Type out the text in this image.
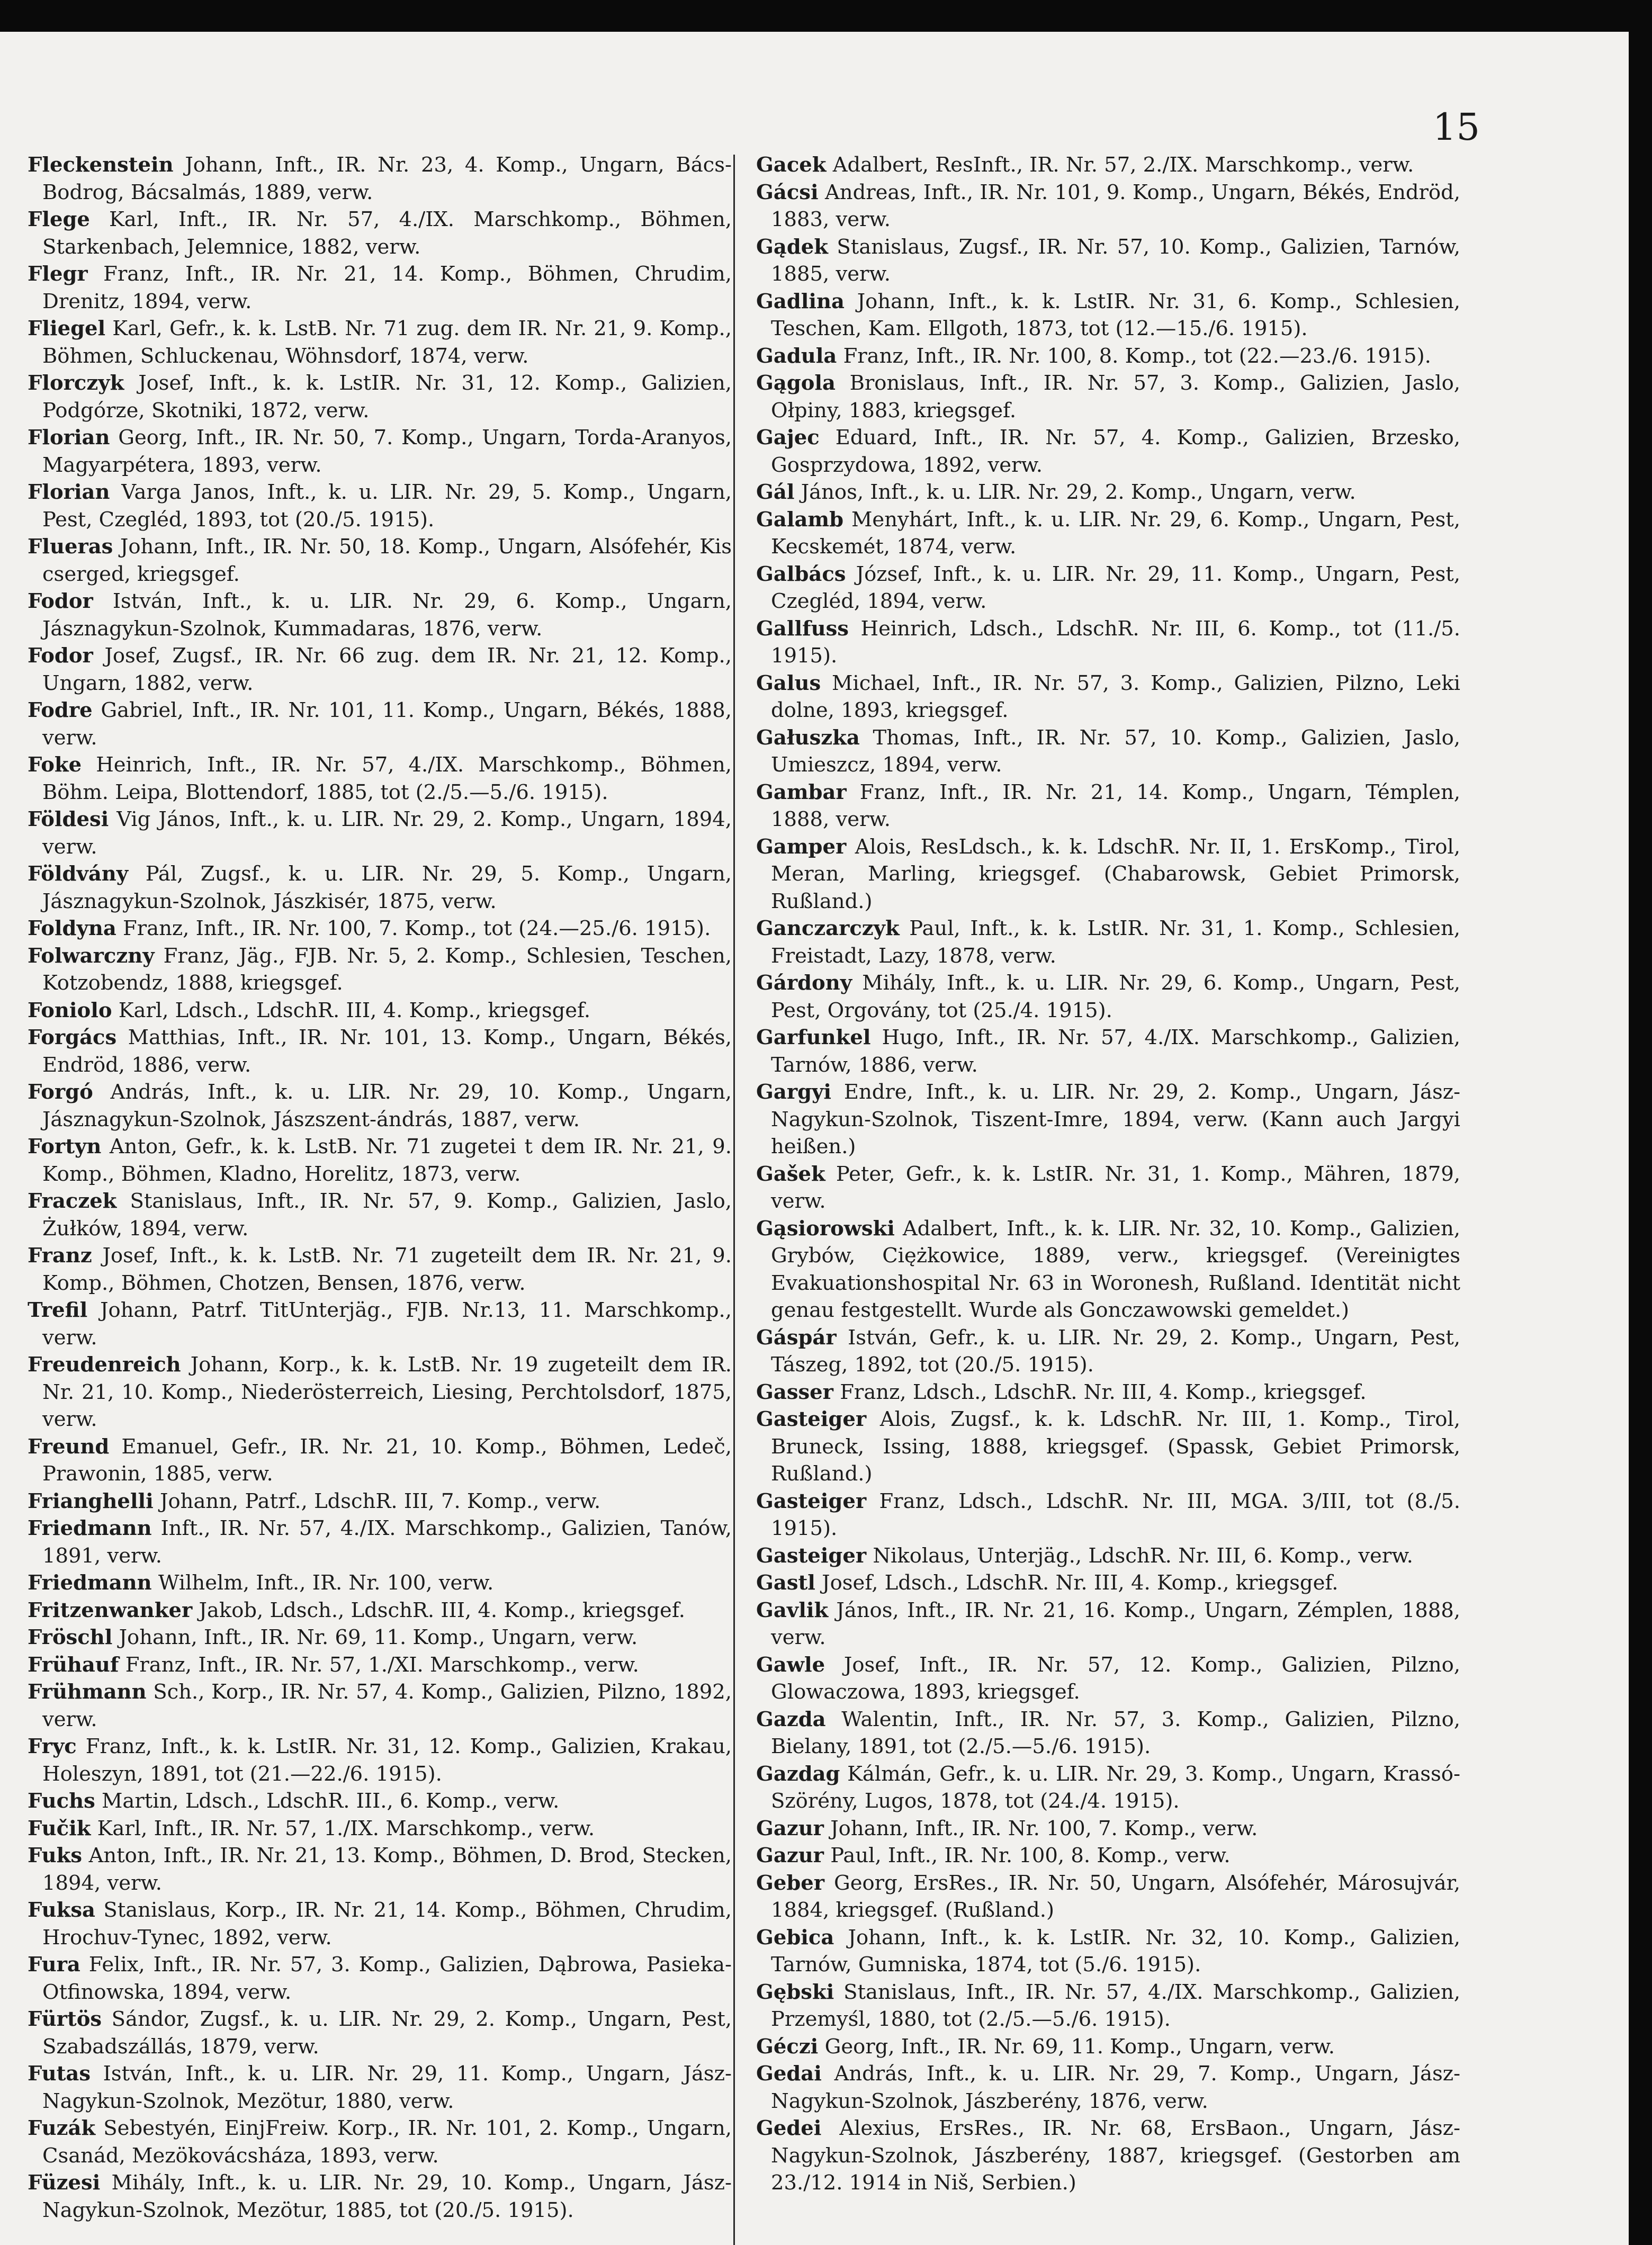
15

Fleckenstein Johann, Inft., IR. Nr. 23, 4. Komp., Ungarn, Bács-Bodrog, Bácsalmás, 1889, verw.

Flege Karl, Inft., IR. Nr. 57, 4./IX. Marschkomp., Böhmen, Starkenbach, Jelemnice, 1882, verw.

Flegr Franz, Inft., IR. Nr. 21, 14. Komp., Böhmen, Chrudim, Drenitz, 1894, verw.

Fliegel Karl, Gefr., k. k. LstB. Nr. 71 zug. dem IR. Nr. 21, 9. Komp., Böhmen, Schluckenau, Wöhnsdorf, 1874, verw.

Florczyk Josef, Inft., k. k. LstIR. Nr. 31, 12. Komp., Galizien, Podgórze, Skotniki, 1872, verw.

Florian Georg, Inft., IR. Nr. 50, 7. Komp., Ungarn, Torda-Aranyos, Magyarpétera, 1893, verw.

Florian Varga Janos, Inft., k. u. LIR. Nr. 29, 5. Komp., Ungarn, Pest, Czegléd, 1893, tot (20./5. 1915).

Flueras Johann, Inft., IR. Nr. 50, 18. Komp., Ungarn, Alsófehér, Kis cserged, kriegsgef.

Fodor István, Inft., k. u. LIR. Nr. 29, 6. Komp., Ungarn, Jásznagykun-Szolnok, Kummadaras, 1876, verw.

Fodor Josef, Zugsf., IR. Nr. 66 zug. dem IR. Nr. 21, 12. Komp., Ungarn, 1882, verw.

Fodre Gabriel, Inft., IR. Nr. 101, 11. Komp., Ungarn, Békés, 1888, verw.

Foke Heinrich, Inft., IR. Nr. 57, 4./IX. Marschkomp., Böhmen, Böhm. Leipa, Blottendorf, 1885, tot (2./5.—5./6. 1915).

Földesi Vig János, Inft., k. u. LIR. Nr. 29, 2. Komp., Ungarn, 1894, verw.

Földvány Pál, Zugsf., k. u. LIR. Nr. 29, 5. Komp., Ungarn, Jásznagykun-Szolnok, Jászkisér, 1875, verw.

Foldyna Franz, Inft., IR. Nr. 100, 7. Komp., tot (24.—25./6. 1915).

Folwarczny Franz, Jäg., FJB. Nr. 5, 2. Komp., Schlesien, Teschen, Kotzobendz, 1888, kriegsgef.

Foniolo Karl, Ldsch., LdschR. III, 4. Komp., kriegsgef.

Forgács Matthias, Inft., IR. Nr. 101, 13. Komp., Ungarn, Békés, Endröd, 1886, verw.

Forgó András, Inft., k. u. LIR. Nr. 29, 10. Komp., Ungarn, Jásznagykun-Szolnok, Jászszent-ándrás, 1887, verw.

Fortyn Anton, Gefr., k. k. LstB. Nr. 71 zugetei t dem IR. Nr. 21, 9. Komp., Böhmen, Kladno, Horelitz, 1873, verw.

Fraczek Stanislaus, Inft., IR. Nr. 57, 9. Komp., Galizien, Jaslo, Żułków, 1894, verw.

Franz Josef, Inft., k. k. LstB. Nr. 71 zugeteilt dem IR. Nr. 21, 9. Komp., Böhmen, Chotzen, Bensen, 1876, verw.

Trefil Johann, Patrf. TitUnterjäg., FJB. Nr.13, 11. Marschkomp., verw.

Freudenreich Johann, Korp., k. k. LstB. Nr. 19 zugeteilt dem IR. Nr. 21, 10. Komp., Niederösterreich, Liesing, Perchtolsdorf, 1875, verw.

Freund Emanuel, Gefr., IR. Nr. 21, 10. Komp., Böhmen, Ledeč, Prawonin, 1885, verw.

Frianghelli Johann, Patrf., LdschR. III, 7. Komp., verw.

Friedmann Inft., IR. Nr. 57, 4./IX. Marschkomp., Galizien, Tanów, 1891, verw.

Friedmann Wilhelm, Inft., IR. Nr. 100, verw.

Fritzenwanker Jakob, Ldsch., LdschR. III, 4. Komp., kriegsgef.

Fröschl Johann, Inft., IR. Nr. 69, 11. Komp., Ungarn, verw.

Frühauf Franz, Inft., IR. Nr. 57, 1./XI. Marschkomp., verw.

Frühmann Sch., Korp., IR. Nr. 57, 4. Komp., Galizien, Pilzno, 1892, verw.

Fryc Franz, Inft., k. k. LstIR. Nr. 31, 12. Komp., Galizien, Krakau, Holeszyn, 1891, tot (21.—22./6. 1915).

Fuchs Martin, Ldsch., LdschR. III., 6. Komp., verw.

Fučik Karl, Inft., IR. Nr. 57, 1./IX. Marschkomp., verw.

Fuks Anton, Inft., IR. Nr. 21, 13. Komp., Böhmen, D. Brod, Stecken, 1894, verw.

Fuksa Stanislaus, Korp., IR. Nr. 21, 14. Komp., Böhmen, Chrudim, Hrochuv-Tynec, 1892, verw.

Fura Felix, Inft., IR. Nr. 57, 3. Komp., Galizien, Dąbrowa, Pasieka-Otfinowska, 1894, verw.

Fürtös Sándor, Zugsf., k. u. LIR. Nr. 29, 2. Komp., Ungarn, Pest, Szabadszállás, 1879, verw.

Futas István, Inft., k. u. LIR. Nr. 29, 11. Komp., Ungarn, Jász-Nagykun-Szolnok, Mezötur, 1880, verw.

Fuzák Sebestyén, EinjFreiw. Korp., IR. Nr. 101, 2. Komp., Ungarn, Csanád, Mezökovácsháza, 1893, verw.

Füzesi Mihály, Inft., k. u. LIR. Nr. 29, 10. Komp., Ungarn, Jász-Nagykun-Szolnok, Mezötur, 1885, tot (20./5. 1915).

Gacek Adalbert, ResInft., IR. Nr. 57, 2./IX. Marschkomp., verw.

Gácsi Andreas, Inft., IR. Nr. 101, 9. Komp., Ungarn, Békés, Endröd, 1883, verw.

Gądek Stanislaus, Zugsf., IR. Nr. 57, 10. Komp., Galizien, Tarnów, 1885, verw.

Gadlina Johann, Inft., k. k. LstIR. Nr. 31, 6. Komp., Schlesien, Teschen, Kam. Ellgoth, 1873, tot (12.—15./6. 1915).

Gadula Franz, Inft., IR. Nr. 100, 8. Komp., tot (22.—23./6. 1915).

Gągola Bronislaus, Inft., IR. Nr. 57, 3. Komp., Galizien, Jaslo, Ołpiny, 1883, kriegsgef.

Gajec Eduard, Inft., IR. Nr. 57, 4. Komp., Galizien, Brzesko, Gosprzydowa, 1892, verw.

Gál János, Inft., k. u. LIR. Nr. 29, 2. Komp., Ungarn, verw.

Galamb Menyhárt, Inft., k. u. LIR. Nr. 29, 6. Komp., Ungarn, Pest, Kecskemét, 1874, verw.

Galbács József, Inft., k. u. LIR. Nr. 29, 11. Komp., Ungarn, Pest, Czegléd, 1894, verw.

Gallfuss Heinrich, Ldsch., LdschR. Nr. III, 6. Komp., tot (11./5. 1915).

Galus Michael, Inft., IR. Nr. 57, 3. Komp., Galizien, Pilzno, Leki dolne, 1893, kriegsgef.

Gałuszka Thomas, Inft., IR. Nr. 57, 10. Komp., Galizien, Jaslo, Umieszcz, 1894, verw.

Gambar Franz, Inft., IR. Nr. 21, 14. Komp., Ungarn, Témplen, 1888, verw.

Gamper Alois, ResLdsch., k. k. LdschR. Nr. II, 1. ErsKomp., Tirol, Meran, Marling, kriegsgef. (Chabarowsk, Gebiet Primorsk, Rußland.)

Ganczarczyk Paul, Inft., k. k. LstIR. Nr. 31, 1. Komp., Schlesien, Freistadt, Lazy, 1878, verw.

Gárdony Mihály, Inft., k. u. LIR. Nr. 29, 6. Komp., Ungarn, Pest, Pest, Orgovány, tot (25./4. 1915).

Garfunkel Hugo, Inft., IR. Nr. 57, 4./IX. Marschkomp., Galizien, Tarnów, 1886, verw.

Gargyi Endre, Inft., k. u. LIR. Nr. 29, 2. Komp., Ungarn, Jász-Nagykun-Szolnok, Tiszent-Imre, 1894, verw. (Kann auch Jargyi heißen.)

Gašek Peter, Gefr., k. k. LstIR. Nr. 31, 1. Komp., Mähren, 1879, verw.

Gąsiorowski Adalbert, Inft., k. k. LIR. Nr. 32, 10. Komp., Galizien, Grybów, Ciężkowice, 1889, verw., kriegsgef. (Vereinigtes Evakuationshospital Nr. 63 in Woronesh, Rußland. Identität nicht genau festgestellt. Wurde als Gonczawowski gemeldet.)

Gáspár István, Gefr., k. u. LIR. Nr. 29, 2. Komp., Ungarn, Pest, Tászeg, 1892, tot (20./5. 1915).

Gasser Franz, Ldsch., LdschR. Nr. III, 4. Komp., kriegsgef.

Gasteiger Alois, Zugsf., k. k. LdschR. Nr. III, 1. Komp., Tirol, Bruneck, Issing, 1888, kriegsgef. (Spassk, Gebiet Primorsk, Rußland.)

Gasteiger Franz, Ldsch., LdschR. Nr. III, MGA. 3/III, tot (8./5. 1915).

Gasteiger Nikolaus, Unterjäg., LdschR. Nr. III, 6. Komp., verw.

Gastl Josef, Ldsch., LdschR. Nr. III, 4. Komp., kriegsgef.

Gavlik János, Inft., IR. Nr. 21, 16. Komp., Ungarn, Zémplen, 1888, verw.

Gawle Josef, Inft., IR. Nr. 57, 12. Komp., Galizien, Pilzno, Glowaczowa, 1893, kriegsgef.

Gazda Walentin, Inft., IR. Nr. 57, 3. Komp., Galizien, Pilzno, Bielany, 1891, tot (2./5.—5./6. 1915).

Gazdag Kálmán, Gefr., k. u. LIR. Nr. 29, 3. Komp., Ungarn, Krassó-Szörény, Lugos, 1878, tot (24./4. 1915).

Gazur Johann, Inft., IR. Nr. 100, 7. Komp., verw.

Gazur Paul, Inft., IR. Nr. 100, 8. Komp., verw.

Geber Georg, ErsRes., IR. Nr. 50, Ungarn, Alsófehér, Márosujvár, 1884, kriegsgef. (Rußland.)

Gebica Johann, Inft., k. k. LstIR. Nr. 32, 10. Komp., Galizien, Tarnów, Gumniska, 1874, tot (5./6. 1915).

Gębski Stanislaus, Inft., IR. Nr. 57, 4./IX. Marschkomp., Galizien, Przemyśl, 1880, tot (2./5.—5./6. 1915).

Géczi Georg, Inft., IR. Nr. 69, 11. Komp., Ungarn, verw.

Gedai András, Inft., k. u. LIR. Nr. 29, 7. Komp., Ungarn, Jász-Nagykun-Szolnok, Jászberény, 1876, verw.

Gedei Alexius, ErsRes., IR. Nr. 68, ErsBaon., Ungarn, Jász-Nagykun-Szolnok, Jászberény, 1887, kriegsgef. (Gestorben am 23./12. 1914 in Niš, Serbien.)
